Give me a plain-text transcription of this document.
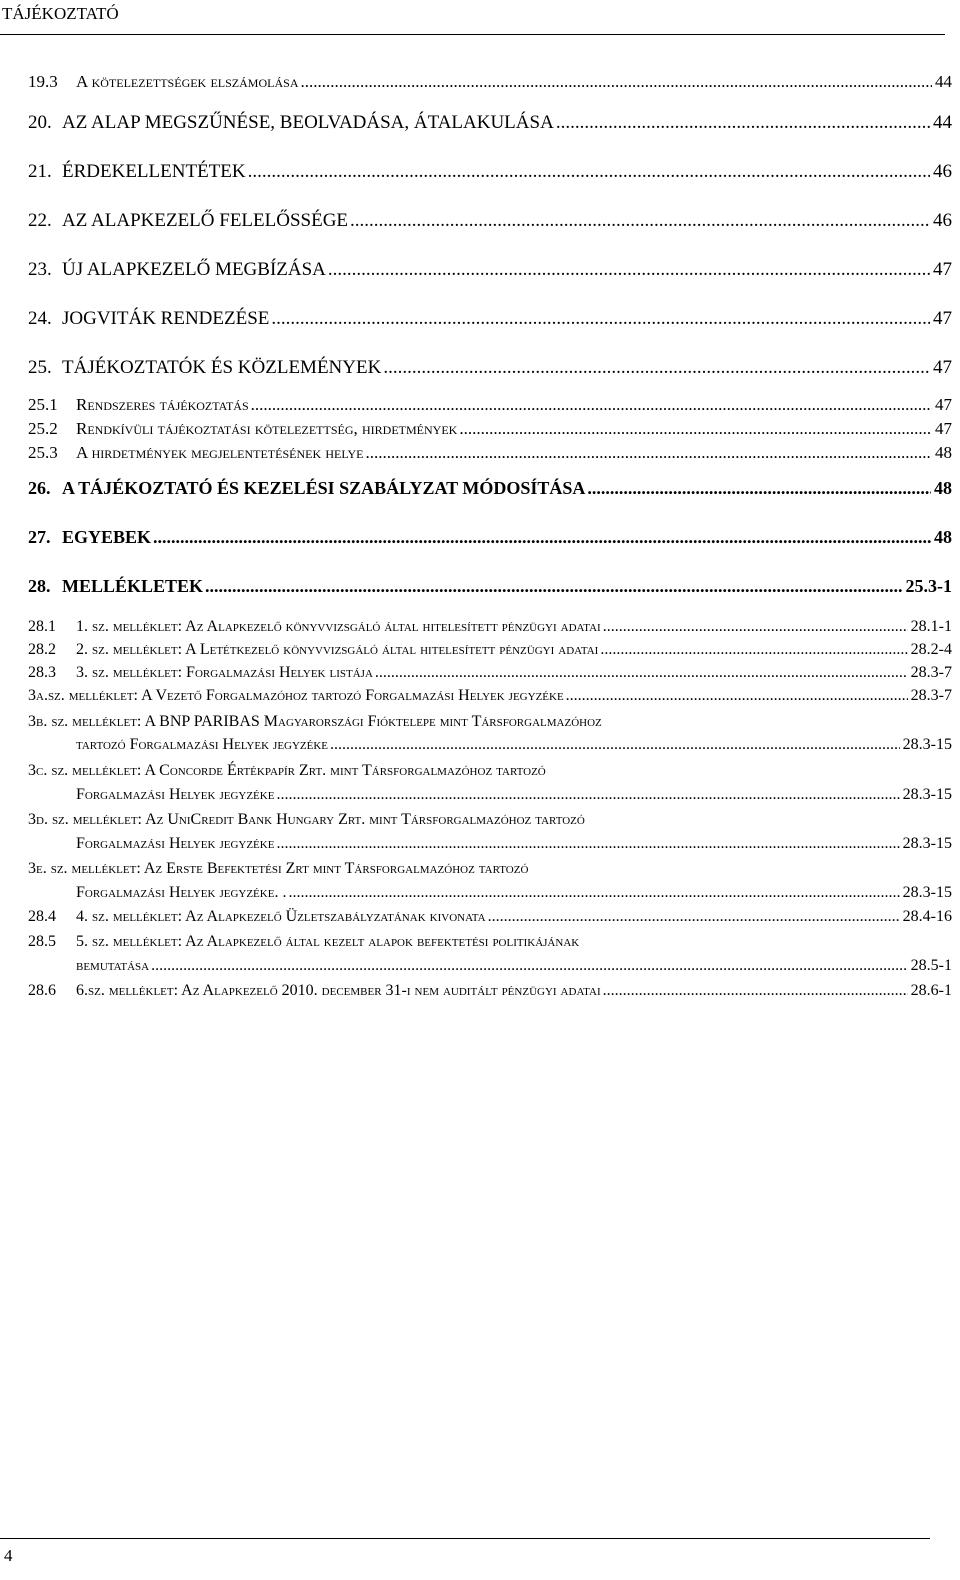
TÁJÉKOZTATÓ
19.3 A kötelezettségek elszámolása .....	44
20. AZ ALAP MEGSZŰNÉSE, BEOLVADÁSA, ÁTALAKULÁSA .....	44
21. ÉRDEKELLENTÉTEK .....	46
22. AZ ALAPKEZELŐ FELELŐSSÉGE .....	46
23. ÚJ ALAPKEZELŐ MEGBÍZÁSA .....	47
24. JOGVITÁK RENDEZÉSE .....	47
25. TÁJÉKOZTATÓK ÉS KÖZLEMÉNYEK .....	47
25.1 Rendszeres tájékoztatás .....	47
25.2 Rendkívüli tájékoztatási kötelezettség, hirdetmények .....	47
25.3 A hirdetmények megjelentetésének helye .....	48
26. A TÁJÉKOZTATÓ ÉS KEZELÉSI SZABÁLYZAT MÓDOSÍTÁSA .....	48
27. EGYEBEK .....	48
28. MELLÉKLETEK .....	25.3-1
28.1 1. sz. melléklet: Az Alapkezelő könyvvizsgáló által hitelesített pénzügyi adatai .....	28.1-1
28.2 2. sz. melléklet: A Letétkezelő könyvvizsgáló által hitelesített pénzügyi adatai .....	28.2-4
28.3 3. sz. melléklet: Forgalmazási Helyek listája .....	28.3-7
3a.sz. melléklet: A Vezető Forgalmazóhoz tartozó Forgalmazási Helyek jegyzéke .....	28.3-7
3b. sz. melléklet: A BNP PARIBAS Magyarországi Fióktelepe mint Társforgalmazóhoz
tartozó Forgalmazási Helyek jegyzéke .....	28.3-15
3c. sz. melléklet: A Concorde Értékpapír Zrt. mint Társforgalmazóhoz tartozó
Forgalmazási Helyek jegyzéke .....	28.3-15
3d. sz. melléklet: Az UniCredit Bank Hungary Zrt. mint Társforgalmazóhoz tartozó
Forgalmazási Helyek jegyzéke .....	28.3-15
3e. sz. melléklet: Az Erste Befektetési Zrt mint Társforgalmazóhoz tartozó
Forgalmazási Helyek jegyzéke. . .....	28.3-15
28.4 4. sz. melléklet: Az Alapkezelő Üzletszabályzatának kivonata .....	28.4-16
28.5 5. sz. melléklet: Az Alapkezelő által kezelt alapok befektetési politikájának
bemutatása .....	28.5-1
28.6 6.sz. melléklet: Az Alapkezelő 2010. december 31-i nem auditált pénzügyi adatai .....	28.6-1
4
